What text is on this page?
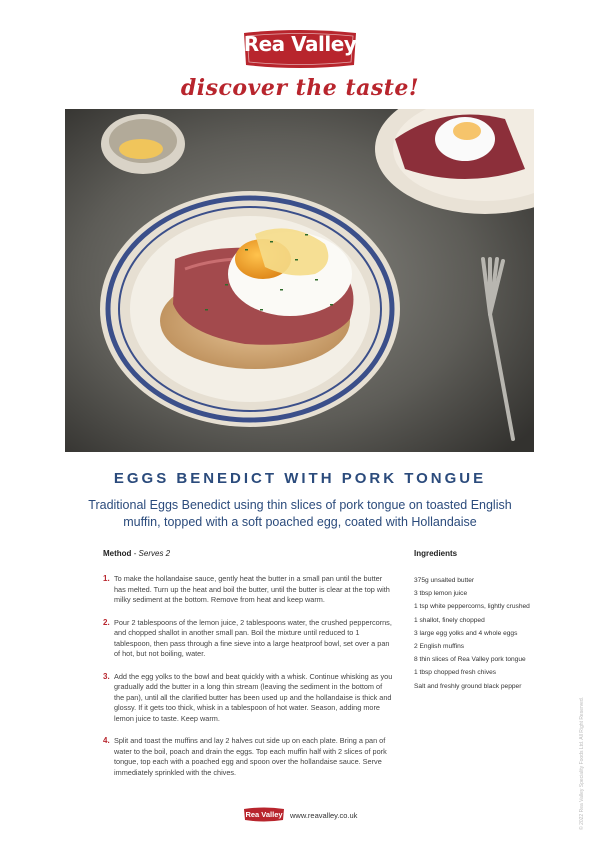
Rea Valley
discover the taste!
EGGS BENEDICT WITH PORK TONGUE
Traditional Eggs Benedict using thin slices of pork tongue on toasted English muffin, topped with a soft poached egg, coated with Hollandaise
Method - Serves 2
1. To make the hollandaise sauce, gently heat the butter in a small pan until the butter has melted. Turn up the heat and boil the butter, until the butter is clear at the top with milky sediment at the bottom. Remove from heat and keep warm.
2. Pour 2 tablespoons of the lemon juice, 2 tablespoons water, the crushed peppercorns, and chopped shallot in another small pan. Boil the mixture until reduced to 1 tablespoon, then pass through a fine sieve into a large heatproof bowl, set over a pan of hot, but not boiling, water.
3. Add the egg yolks to the bowl and beat quickly with a whisk. Continue whisking as you gradually add the butter in a long thin stream (leaving the sediment in the bottom of the pan), until all the clarified butter has been used up and the hollandaise is thick and glossy. If it gets too thick, whisk in a tablespoon of hot water. Season, adding more lemon juice to taste. Keep warm.
4. Split and toast the muffins and lay 2 halves cut side up on each plate. Bring a pan of water to the boil, poach and drain the eggs. Top each muffin half with 2 slices of pork tongue, top each with a poached egg and spoon over the hollandaise sauce. Serve immediately sprinkled with the chives.
Ingredients
375g unsalted butter
3 tbsp lemon juice
1 tsp white peppercorns, lightly crushed
1 shallot, finely chopped
3 large egg yolks and 4 whole eggs
2 English muffins
8 thin slices of Rea Valley pork tongue
1 tbsp chopped fresh chives
Salt and freshly ground black pepper
© 2022 Rea Valley Speciality Foods Ltd. All Right Reserved.
Rea Valley www.reavalley.co.uk
